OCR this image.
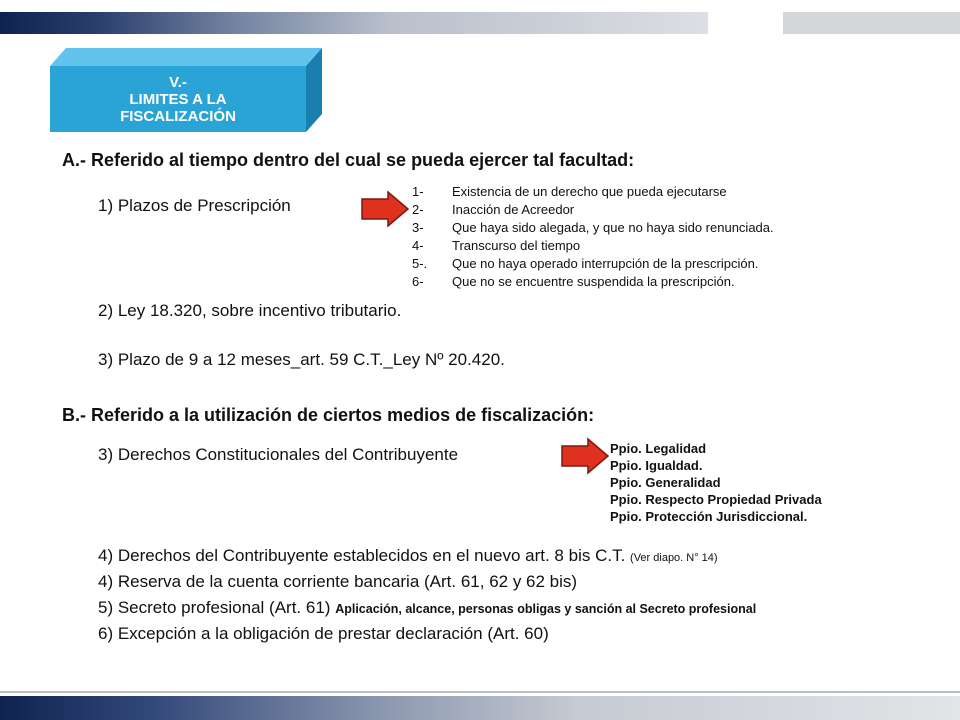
V.-
LIMITES A LA
FISCALIZACIÓN
A.- Referido al tiempo dentro del cual se pueda ejercer tal facultad:
1) Plazos de Prescripción
1-	Existencia de un derecho que pueda ejecutarse
2-	Inacción de Acreedor
3-	Que haya sido alegada, y que no haya sido renunciada.
4-	Transcurso del tiempo
5-.	Que no haya operado interrupción de la prescripción.
6-	Que no se encuentre suspendida la prescripción.
2) Ley 18.320, sobre incentivo tributario.
3) Plazo de 9 a 12 meses_art. 59 C.T._Ley Nº 20.420.
B.- Referido a la utilización de ciertos medios de fiscalización:
3) Derechos Constitucionales del Contribuyente	Ppio. Legalidad
Ppio. Igualdad.
Ppio. Generalidad
Ppio. Respecto Propiedad Privada
Ppio. Protección Jurisdiccional.
4) Derechos del Contribuyente establecidos en el nuevo art. 8 bis C.T. (Ver diapo. N° 14)
4) Reserva de la cuenta corriente bancaria (Art. 61, 62 y 62 bis)
5) Secreto profesional (Art. 61) Aplicación, alcance, personas obligas y sanción al Secreto profesional
6) Excepción a la obligación de prestar declaración (Art. 60)
